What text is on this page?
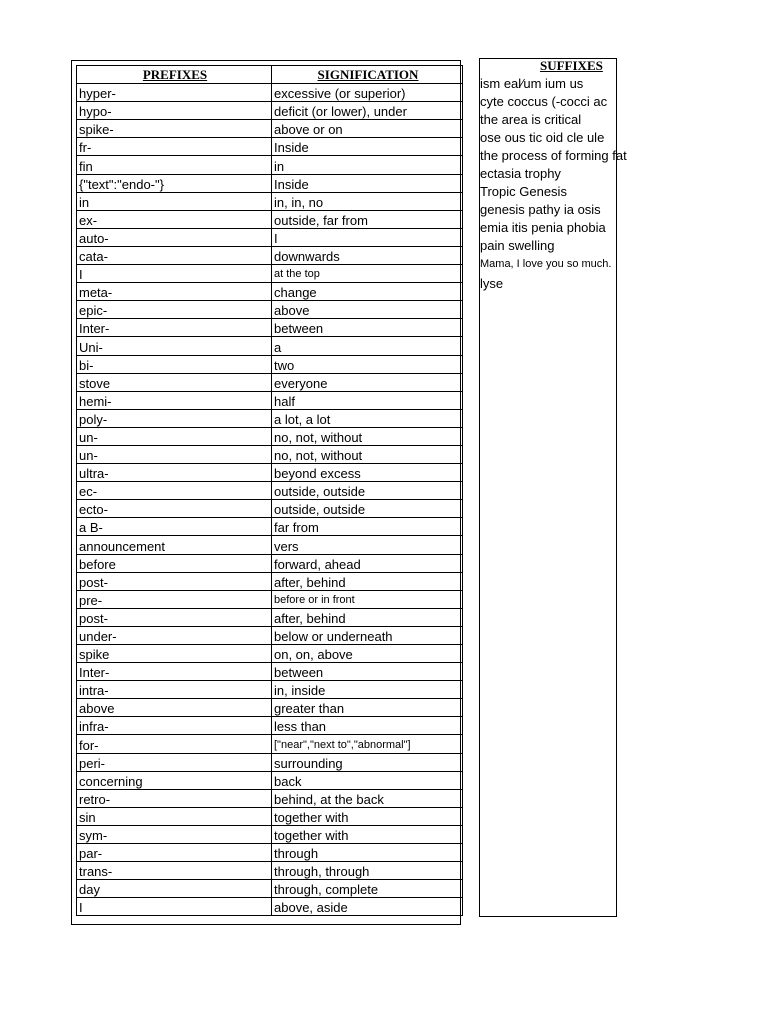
PREFIXES	SIGNIFICATION
hyper-	excessive (or superior)
hypo-	deficit (or lower), under
spike-	above or on
fr-	Inside
fin	in
{"text":"endo-"}	Inside
in	in, in, no
ex-	outside, far from
auto-	I
cata-	downwards
I	at the top
meta-	change
epic-	above
Inter-	between
Uni-	a
bi-	two
stove	everyone
hemi-	half
poly-	a lot, a lot
un-	no, not, without
un-	no, not, without
ultra-	beyond excess
ec-	outside, outside
ecto-	outside, outside
a B-	far from
announcement	vers
before	forward, ahead
post-	after, behind
pre-	before or in front
post-	after, behind
under-	below or underneath
spike	on, on, above
Inter-	between
intra-	in, inside
above	greater than
infra-	less than
for-	["near","next to","abnormal"]
peri-	surrounding
concerning	back
retro-	behind, at the back
sin	together with
sym-	together with
par-	through
trans-	through, through
day	through, complete
I	above, aside
SUFFIXES
ism eal⁄um ium us
cyte coccus (-cocci ac
the area is critical
ose ous tic oid cle ule
the process of forming fat
ectasia trophy
Tropic Genesis
genesis pathy ia osis
emia itis penia phobia
pain swelling
Mama, I love you so much.
lyse
